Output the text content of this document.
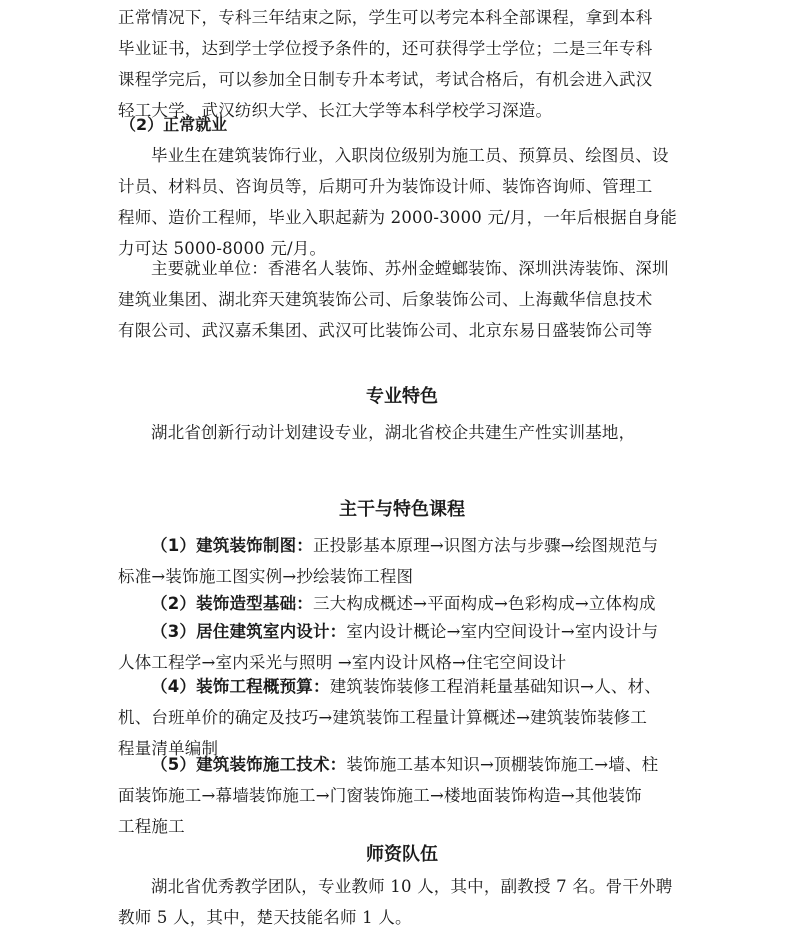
正常情况下，专科三年结束之际，学生可以考完本科全部课程，拿到本科
毕业证书，达到学士学位授予条件的，还可获得学士学位；二是三年专科
课程学完后，可以参加全日制专升本考试，考试合格后，有机会进入武汉
轻工大学、武汉纺织大学、长江大学等本科学校学习深造。

（2）正常就业

毕业生在建筑装饰行业，入职岗位级别为施工员、预算员、绘图员、设
计员、材料员、咨询员等，后期可升为装饰设计师、装饰咨询师、管理工
程师、造价工程师，毕业入职起薪为 2000-3000 元/月，一年后根据自身能
力可达 5000-8000 元/月。

主要就业单位：香港名人装饰、苏州金螳螂装饰、深圳洪涛装饰、深圳
建筑业集团、湖北弈天建筑装饰公司、后象装饰公司、上海戴华信息技术
有限公司、武汉嘉禾集团、武汉可比装饰公司、北京东易日盛装饰公司等

专业特色

湖北省创新行动计划建设专业，湖北省校企共建生产性实训基地，

主干与特色课程

（1）建筑装饰制图：正投影基本原理→识图方法与步骤→绘图规范与
标准→装饰施工图实例→抄绘装饰工程图

（2）装饰造型基础：三大构成概述→平面构成→色彩构成→立体构成

（3）居住建筑室内设计：室内设计概论→室内空间设计→室内设计与
人体工程学→室内采光与照明 →室内设计风格→住宅空间设计

（4）装饰工程概预算：建筑装饰装修工程消耗量基础知识→人、材、
机、台班单价的确定及技巧→建筑装饰工程量计算概述→建筑装饰装修工
程量清单编制

（5）建筑装饰施工技术：装饰施工基本知识→顶棚装饰施工→墙、柱
面装饰施工→幕墙装饰施工→门窗装饰施工→楼地面装饰构造→其他装饰
工程施工

师资队伍

湖北省优秀教学团队，专业教师 10 人，其中，副教授 7 名。骨干外聘
教师 5 人，其中，楚天技能名师 1 人。
